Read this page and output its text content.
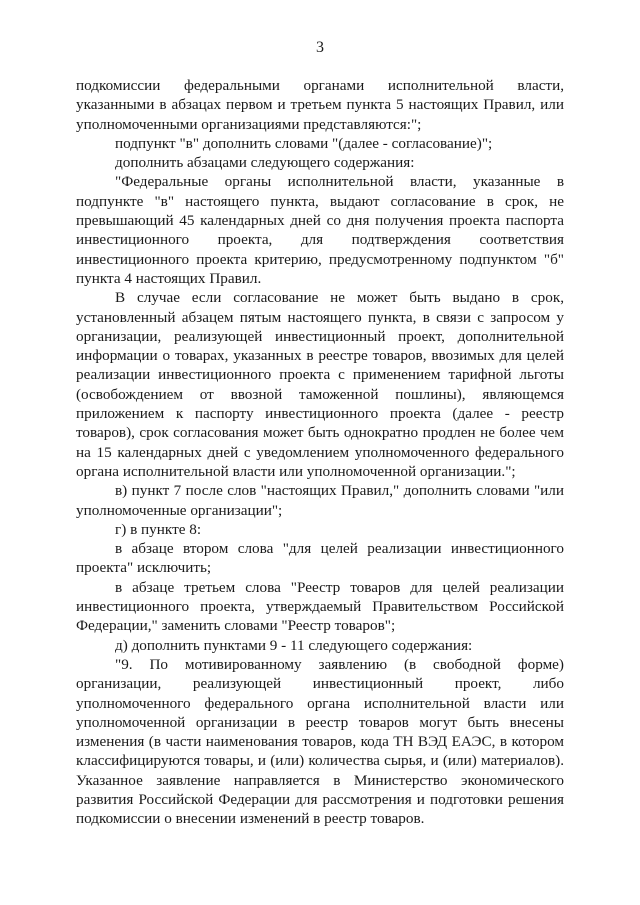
3

подкомиссии федеральными органами исполнительной власти, указанными в абзацах первом и третьем пункта 5 настоящих Правил, или уполномоченными организациями представляются:";

подпункт "в" дополнить словами "(далее - согласование)";

дополнить абзацами следующего содержания:

"Федеральные органы исполнительной власти, указанные в подпункте "в" настоящего пункта, выдают согласование в срок, не превышающий 45 календарных дней со дня получения проекта паспорта инвестиционного проекта, для подтверждения соответствия инвестиционного проекта критерию, предусмотренному подпунктом "б" пункта 4 настоящих Правил.

В случае если согласование не может быть выдано в срок, установленный абзацем пятым настоящего пункта, в связи с запросом у организации, реализующей инвестиционный проект, дополнительной информации о товарах, указанных в реестре товаров, ввозимых для целей реализации инвестиционного проекта с применением тарифной льготы (освобождением от ввозной таможенной пошлины), являющемся приложением к паспорту инвестиционного проекта (далее - реестр товаров), срок согласования может быть однократно продлен не более чем на 15 календарных дней с уведомлением уполномоченного федерального органа исполнительной власти или уполномоченной организации.";

в) пункт 7 после слов "настоящих Правил," дополнить словами "или уполномоченные организации";

г) в пункте 8:

в абзаце втором слова "для целей реализации инвестиционного проекта" исключить;

в абзаце третьем слова "Реестр товаров для целей реализации инвестиционного проекта, утверждаемый Правительством Российской Федерации," заменить словами "Реестр товаров";

д) дополнить пунктами 9 - 11 следующего содержания:

"9. По мотивированному заявлению (в свободной форме) организации, реализующей инвестиционный проект, либо уполномоченного федерального органа исполнительной власти или уполномоченной организации в реестр товаров могут быть внесены изменения (в части наименования товаров, кода ТН ВЭД ЕАЭС, в котором классифицируются товары, и (или) количества сырья, и (или) материалов). Указанное заявление направляется в Министерство экономического развития Российской Федерации для рассмотрения и подготовки решения подкомиссии о внесении изменений в реестр товаров.
